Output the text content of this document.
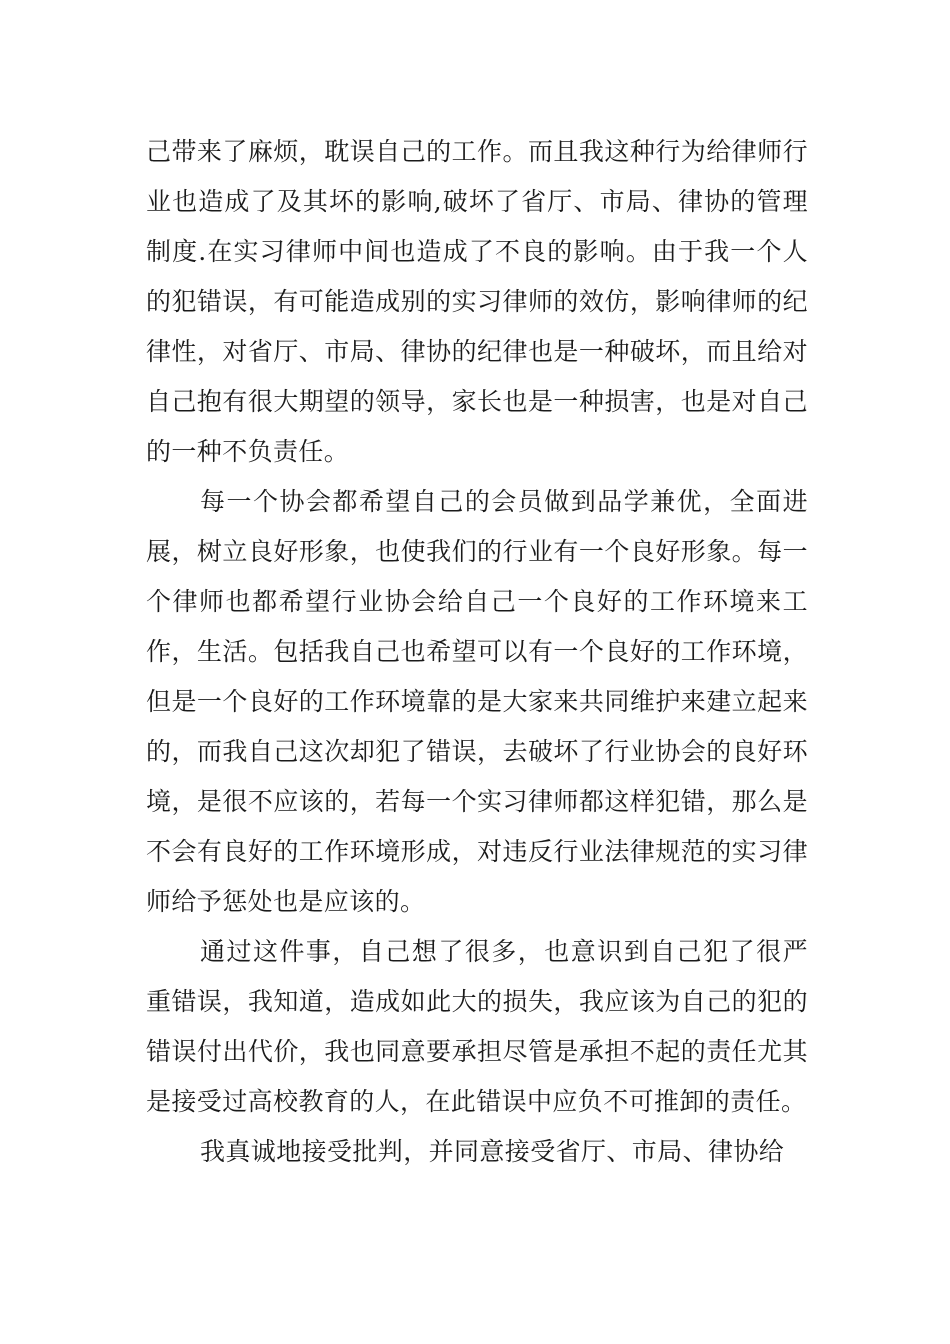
己带来了麻烦，耽误自己的工作。而且我这种行为给律师行业也造成了及其坏的影响,破坏了省厅、市局、律协的管理制度.在实习律师中间也造成了不良的影响。由于我一个人的犯错误，有可能造成别的实习律师的效仿，影响律师的纪律性，对省厅、市局、律协的纪律也是一种破坏，而且给对自己抱有很大期望的领导，家长也是一种损害，也是对自己的一种不负责任。

每一个协会都希望自己的会员做到品学兼优，全面进展，树立良好形象，也使我们的行业有一个良好形象。每一个律师也都希望行业协会给自己一个良好的工作环境来工作，生活。包括我自己也希望可以有一个良好的工作环境，但是一个良好的工作环境靠的是大家来共同维护来建立起来的，而我自己这次却犯了错误，去破坏了行业协会的良好环境，是很不应该的，若每一个实习律师都这样犯错，那么是不会有良好的工作环境形成，对违反行业法律规范的实习律师给予惩处也是应该的。

通过这件事，自己想了很多，也意识到自己犯了很严重错误，我知道，造成如此大的损失，我应该为自己的犯的错误付出代价，我也同意要承担尽管是承担不起的责任尤其是接受过高校教育的人，在此错误中应负不可推卸的责任。

我真诚地接受批判，并同意接受省厅、市局、律协给
